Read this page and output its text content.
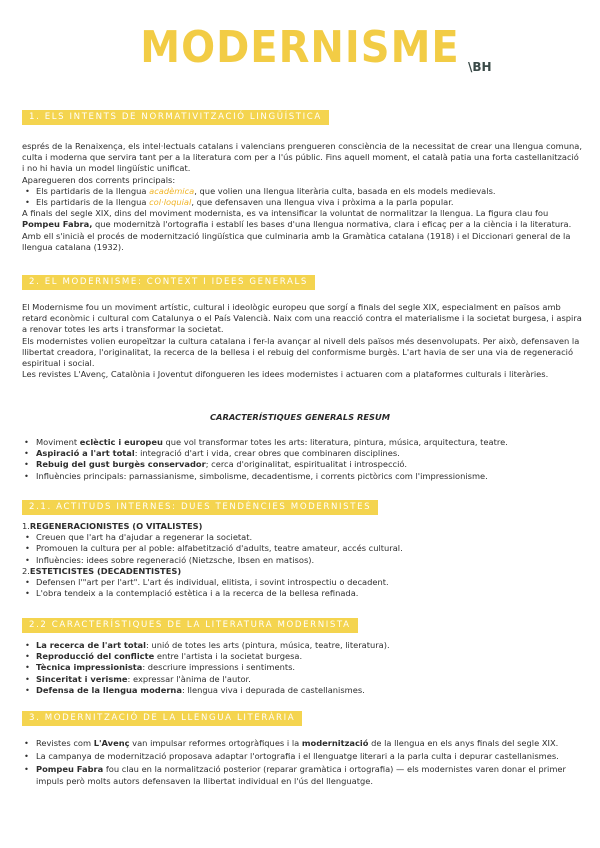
MODERNISME \BH
1. ELS INTENTS DE NORMATIVITZACIÓ LINGÜÍSTICA

esprés de la Renaixença, els intel·lectuals catalans i valencians prengueren consciència de la necessitat de crear una llengua comuna, culta i moderna que servira tant per a la literatura com per a l'ús públic. Fins aquell moment, el català patia una forta castellanització i no hi havia un model lingüístic unificat.

Aparegueren dos corrents principals:

• Els partidaris de la llengua acadèmica, que volien una llengua literària culta, basada en els models medievals.
• Els partidaris de la llengua col·loquial, que defensaven una llengua viva i pròxima a la parla popular.

A finals del segle XIX, dins del moviment modernista, es va intensificar la voluntat de normalitzar la llengua. La figura clau fou Pompeu Fabra, que modernitzà l'ortografia i establí les bases d'una llengua normativa, clara i eficaç per a la ciència i la literatura. Amb ell s'inicià el procés de modernització lingüística que culminaria amb la Gramàtica catalana (1918) i el Diccionari general de la llengua catalana (1932).

2. EL MODERNISME: CONTEXT I IDEES GENERALS

El Modernisme fou un moviment artístic, cultural i ideològic europeu que sorgí a finals del segle XIX, especialment en països amb retard econòmic i cultural com Catalunya o el País Valencià. Naix com una reacció contra el materialisme i la societat burgesa, i aspira a renovar totes les arts i transformar la societat.

Els modernistes volien europeïtzar la cultura catalana i fer-la avançar al nivell dels països més desenvolupats. Per això, defensaven la llibertat creadora, l'originalitat, la recerca de la bellesa i el rebuig del conformisme burgès. L'art havia de ser una via de regeneració espiritual i social.

Les revistes L'Avenç, Catalònia i Joventut difongueren les idees modernistes i actuaren com a plataformes culturals i literàries.

CARACTERÍSTIQUES GENERALS RESUM
• Moviment eclèctic i europeu que vol transformar totes les arts: literatura, pintura, música, arquitectura, teatre.
• Aspiració a l'art total: integració d'art i vida, crear obres que combinaren disciplines.
• Rebuig del gust burgès conservador; cerca d'originalitat, espiritualitat i introspecció.
• Influències principals: parnassianisme, simbolisme, decadentisme, i corrents pictòrics com l'impressionisme.
2.1. ACTITUDS INTERNES: DUES TENDÈNCIES MODERNISTES

1.REGENERACIONISTES (O VITALISTES)

• Creuen que l'art ha d'ajudar a regenerar la societat.
• Promouen la cultura per al poble: alfabetització d'adults, teatre amateur, accés cultural.
• Influències: idees sobre regeneració (Nietzsche, Ibsen en matisos).

2.ESTETICISTES (DECADENTISTES)

• Defensen l'"art per l'art". L'art és individual, elitista, i sovint introspectiu o decadent.
• L'obra tendeix a la contemplació estètica i a la recerca de la bellesa refinada.
2.2 CARACTERÍSTIQUES DE LA LITERATURA MODERNISTA
• La recerca de l'art total: unió de totes les arts (pintura, música, teatre, literatura).
• Reproducció del conflicte entre l'artista i la societat burgesa.
• Tècnica impressionista: descriure impressions i sentiments.
• Sinceritat i verisme: expressar l'ànima de l'autor.
• Defensa de la llengua moderna: llengua viva i depurada de castellanismes.
3. MODERNITZACIÓ DE LA LLENGUA LITERÀRIA
• Revistes com L'Avenç van impulsar reformes ortogràfiques i la modernització de la llengua en els anys finals del segle XIX.
• La campanya de modernització proposava adaptar l'ortografia i el llenguatge literari a la parla culta i depurar castellanismes.
• Pompeu Fabra fou clau en la normalització posterior (reparar gramàtica i ortografia) — els modernistes varen donar el primer impuls però molts autors defensaven la llibertat individual en l'ús del llenguatge.
